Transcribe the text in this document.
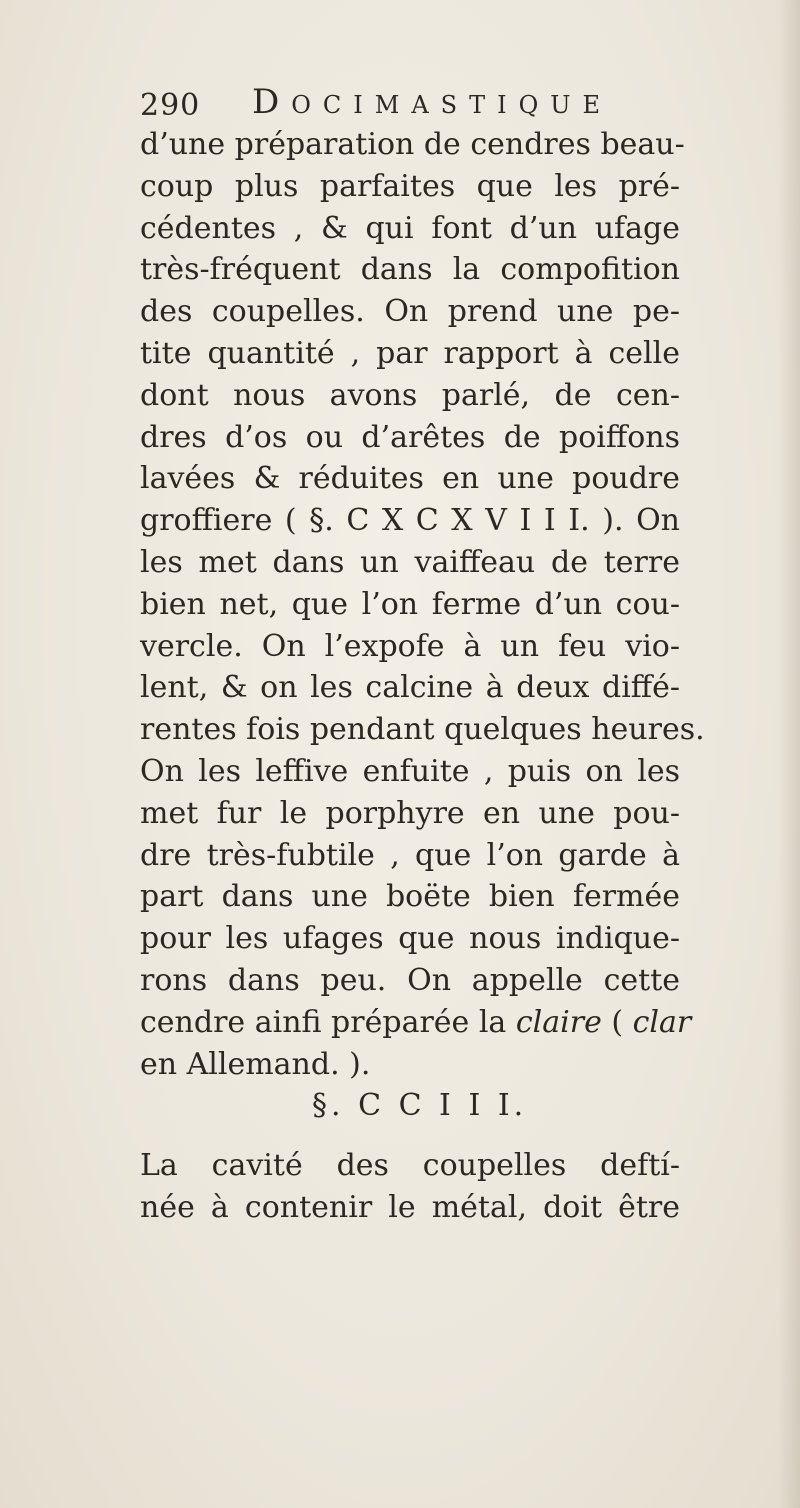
290 Docimastique
d’une préparation de cendres beau-
coup plus parfaites que les pré-
cédentes , & qui font d’un ufage
très-fréquent dans la compofition
des coupelles. On prend une pe-
tite quantité , par rapport à celle
dont nous avons parlé, de cen-
dres d’os ou d’arêtes de poiffons
lavées & réduites en une poudre
groffiere ( §. C X C X V I I I. ). On
les met dans un vaiffeau de terre
bien net, que l’on ferme d’un cou-
vercle. On l’expofe à un feu vio-
lent, & on les calcine à deux diffé-
rentes fois pendant quelques heures.
On les leffive enfuite , puis on les
met fur le porphyre en une pou-
dre très-fubtile , que l’on garde à
part dans une boëte bien fermée
pour les ufages que nous indique-
rons dans peu. On appelle cette
cendre ainfi préparée la claire ( clar
en Allemand. ).
§. C C I I I.
La cavité des coupelles deftí-
née à contenir le métal, doit être
